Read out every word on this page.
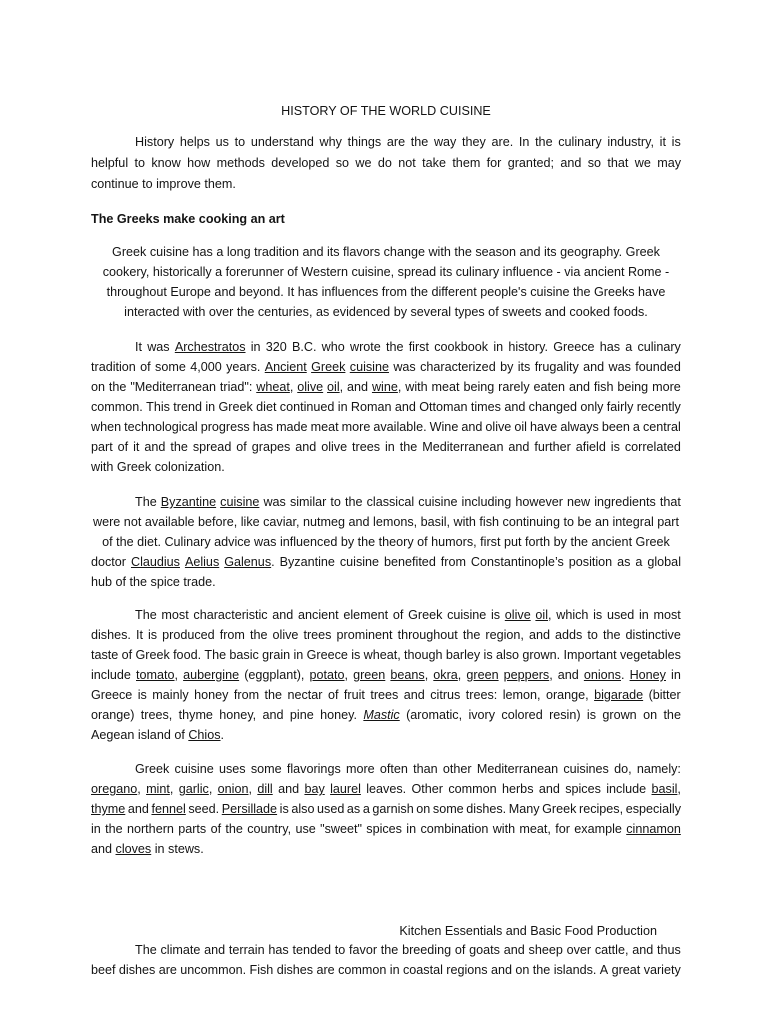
HISTORY OF THE WORLD CUISINE
History helps us to understand why things are the way they are. In the culinary industry, it is
helpful to know how methods developed so we do not take them for granted; and so that we may
continue to improve them.
The Greeks make cooking an art
Greek cuisine has a long tradition and its flavors change with the season and its geography. Greek
cookery, historically a forerunner of Western cuisine, spread its culinary influence - via ancient Rome -
throughout Europe and beyond. It has influences from the different people's cuisine the Greeks have
interacted with over the centuries, as evidenced by several types of sweets and cooked foods.
It was Archestratos in 320 B.C. who wrote the first cookbook in history. Greece has a culinary
tradition of some 4,000 years. Ancient Greek cuisine was characterized by its frugality and was founded
on the "Mediterranean triad": wheat, olive oil, and wine, with meat being rarely eaten and fish being more
common. This trend in Greek diet continued in Roman and Ottoman times and changed only fairly recently
when technological progress has made meat more available. Wine and olive oil have always been a central
part of it and the spread of grapes and olive trees in the Mediterranean and further afield is correlated
with Greek colonization.
The Byzantine cuisine was similar to the classical cuisine including however new ingredients that
were not available before, like caviar, nutmeg and lemons, basil, with fish continuing to be an integral part
of the diet. Culinary advice was influenced by the theory of humors, first put forth by the ancient Greek
doctor Claudius Aelius Galenus. Byzantine cuisine benefited from Constantinople’s position as a global
hub of the spice trade.
The most characteristic and ancient element of Greek cuisine is olive oil, which is used in most
dishes. It is produced from the olive trees prominent throughout the region, and adds to the distinctive
taste of Greek food. The basic grain in Greece is wheat, though barley is also grown. Important vegetables
include tomato, aubergine (eggplant), potato, green beans, okra, green peppers, and onions. Honey in
Greece is mainly honey from the nectar of fruit trees and citrus trees: lemon, orange, bigarade (bitter
orange) trees, thyme honey, and pine honey. Mastic (aromatic, ivory colored resin) is grown on the
Aegean island of Chios.
Greek cuisine uses some flavorings more often than other Mediterranean cuisines do, namely:
oregano, mint, garlic, onion, dill and bay laurel leaves. Other common herbs and spices include basil,
thyme and fennel seed. Persillade is also used as a garnish on some dishes. Many Greek recipes, especially
in the northern parts of the country, use "sweet" spices in combination with meat, for example cinnamon
and cloves in stews.
Kitchen Essentials and Basic Food Production
The climate and terrain has tended to favor the breeding of goats and sheep over cattle, and thus
beef dishes are uncommon. Fish dishes are common in coastal regions and on the islands. A great variety
